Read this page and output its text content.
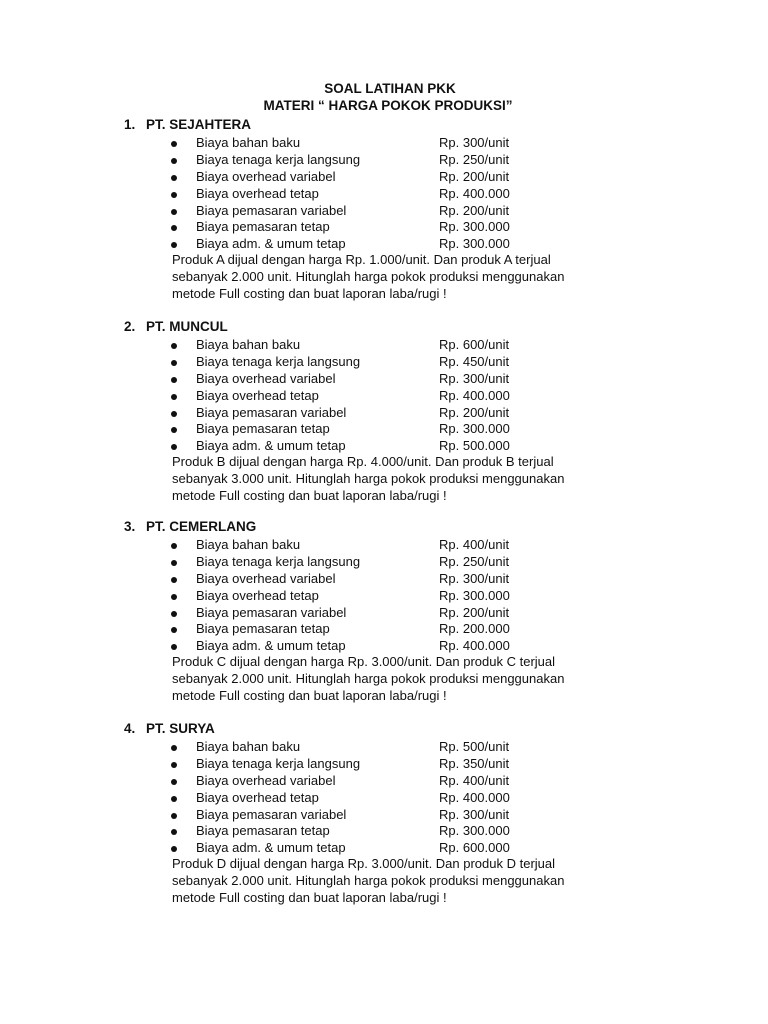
SOAL LATIHAN PKK
MATERI “ HARGA POKOK PRODUKSI”
1. PT. SEJAHTERA
Biaya bahan baku	Rp. 300/unit
Biaya tenaga kerja langsung	Rp. 250/unit
Biaya overhead variabel	Rp. 200/unit
Biaya overhead tetap	Rp. 400.000
Biaya pemasaran variabel	Rp. 200/unit
Biaya pemasaran tetap	Rp. 300.000
Biaya adm. & umum tetap	Rp. 300.000
Produk A dijual dengan harga Rp. 1.000/unit. Dan produk A terjual
sebanyak 2.000 unit. Hitunglah harga pokok produksi menggunakan
metode Full costing dan buat laporan laba/rugi !
2. PT. MUNCUL
Biaya bahan baku	Rp. 600/unit
Biaya tenaga kerja langsung	Rp. 450/unit
Biaya overhead variabel	Rp. 300/unit
Biaya overhead tetap	Rp. 400.000
Biaya pemasaran variabel	Rp. 200/unit
Biaya pemasaran tetap	Rp. 300.000
Biaya adm. & umum tetap	Rp. 500.000
Produk B dijual dengan harga Rp. 4.000/unit. Dan produk B terjual
sebanyak 3.000 unit. Hitunglah harga pokok produksi menggunakan
metode Full costing dan buat laporan laba/rugi !
3. PT. CEMERLANG
Biaya bahan baku	Rp. 400/unit
Biaya tenaga kerja langsung	Rp. 250/unit
Biaya overhead variabel	Rp. 300/unit
Biaya overhead tetap	Rp. 300.000
Biaya pemasaran variabel	Rp. 200/unit
Biaya pemasaran tetap	Rp. 200.000
Biaya adm. & umum tetap	Rp. 400.000
Produk C dijual dengan harga Rp. 3.000/unit. Dan produk C terjual
sebanyak 2.000 unit. Hitunglah harga pokok produksi menggunakan
metode Full costing dan buat laporan laba/rugi !
4. PT. SURYA
Biaya bahan baku	Rp. 500/unit
Biaya tenaga kerja langsung	Rp. 350/unit
Biaya overhead variabel	Rp. 400/unit
Biaya overhead tetap	Rp. 400.000
Biaya pemasaran variabel	Rp. 300/unit
Biaya pemasaran tetap	Rp. 300.000
Biaya adm. & umum tetap	Rp. 600.000
Produk D dijual dengan harga Rp. 3.000/unit. Dan produk D terjual
sebanyak 2.000 unit. Hitunglah harga pokok produksi menggunakan
metode Full costing dan buat laporan laba/rugi !
